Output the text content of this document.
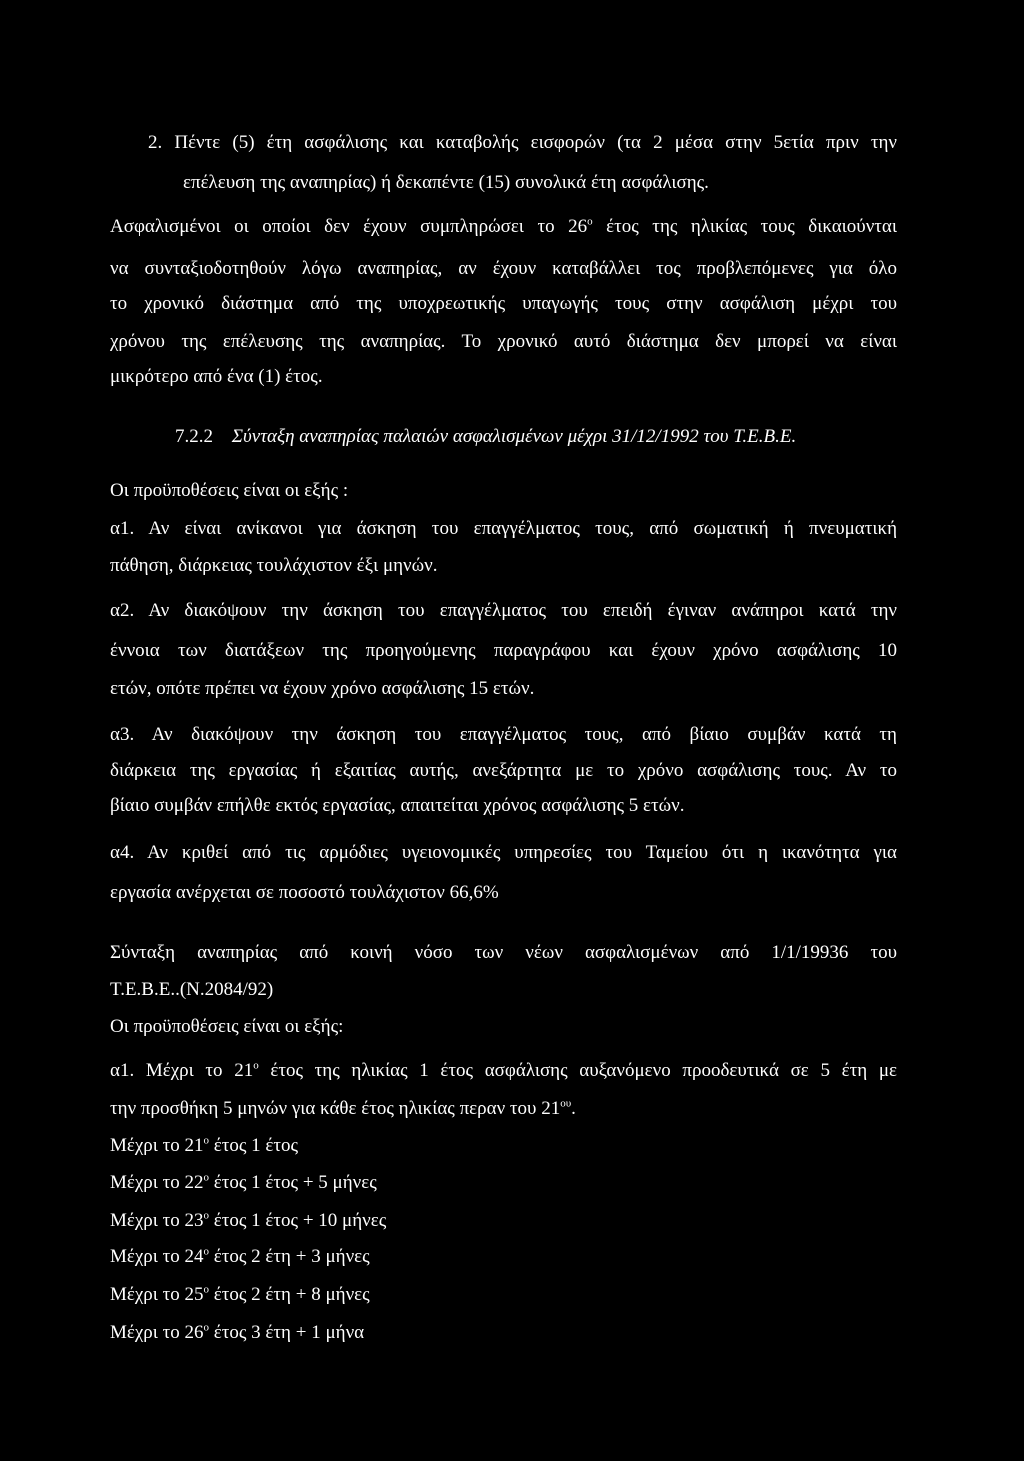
2. Πέντε (5) έτη ασφάλισης και καταβολής εισφορών (τα 2 μέσα στην 5ετία πριν την
επέλευση της αναπηρίας) ή δεκαπέντε (15) συνολικά έτη ασφάλισης.
Ασφαλισμένοι οι οποίοι δεν έχουν συμπληρώσει το $26^o$ έτος της ηλικίας τους δικαιούνται
να συνταξιοδοτηθούν λόγω αναπηρίας, αν έχουν καταβάλλει τος προβλεπόμενες για όλο
το χρονικό διάστημα από της υποχρεωτικής υπαγωγής τους στην ασφάλιση μέχρι του
χρόνου της επέλευσης της αναπηρίας. Το χρονικό αυτό διάστημα δεν μπορεί να είναι
μικρότερο από ένα (1) έτος.
7.2.2 Σύνταξη αναπηρίας παλαιών ασφαλισμένων μέχρι 31/12/1992 του Τ.Ε.Β.Ε.
Οι προϋποθέσεις είναι οι εξής :
α1. Αν είναι ανίκανοι για άσκηση του επαγγέλματος τους, από σωματική ή πνευματική
πάθηση, διάρκειας τουλάχιστον έξι μηνών.
α2. Αν διακόψουν την άσκηση του επαγγέλματος του επειδή έγιναν ανάπηροι κατά την
έννοια των διατάξεων της προηγούμενης παραγράφου και έχουν χρόνο ασφάλισης 10
ετών, οπότε πρέπει να έχουν χρόνο ασφάλισης 15 ετών.
α3. Αν διακόψουν την άσκηση του επαγγέλματος τους, από βίαιο συμβάν κατά τη
διάρκεια της εργασίας ή εξαιτίας αυτής, ανεξάρτητα με το χρόνο ασφάλισης τους. Αν το
βίαιο συμβάν επήλθε εκτός εργασίας, απαιτείται χρόνος ασφάλισης 5 ετών.
α4. Αν κριθεί από τις αρμόδιες υγειονομικές υπηρεσίες του Ταμείου ότι η ικανότητα για
εργασία ανέρχεται σε ποσοστό τουλάχιστον 66,6%
Σύνταξη αναπηρίας από κοινή νόσο των νέων ασφαλισμένων από 1/1/19936 του
Τ.Ε.Β.Ε..(Ν.2084/92)
Οι προϋποθέσεις είναι οι εξής:
α1. Μέχρι το $21^o$ έτος της ηλικίας 1 έτος ασφάλισης αυξανόμενο προοδευτικά σε 5 έτη με
την προσθήκη 5 μηνών για κάθε έτος ηλικίας περαν του $21^{o\upsilon}$.
Μέχρι το $21^o$ έτος 1 έτος
Μέχρι το $22^o$ έτος 1 έτος + 5 μήνες
Μέχρι το $23^o$ έτος 1 έτος + 10 μήνες
Μέχρι το $24^o$ έτος 2 έτη + 3 μήνες
Μέχρι το $25^o$ έτος 2 έτη + 8 μήνες
Μέχρι το $26^o$ έτος 3 έτη + 1 μήνα
